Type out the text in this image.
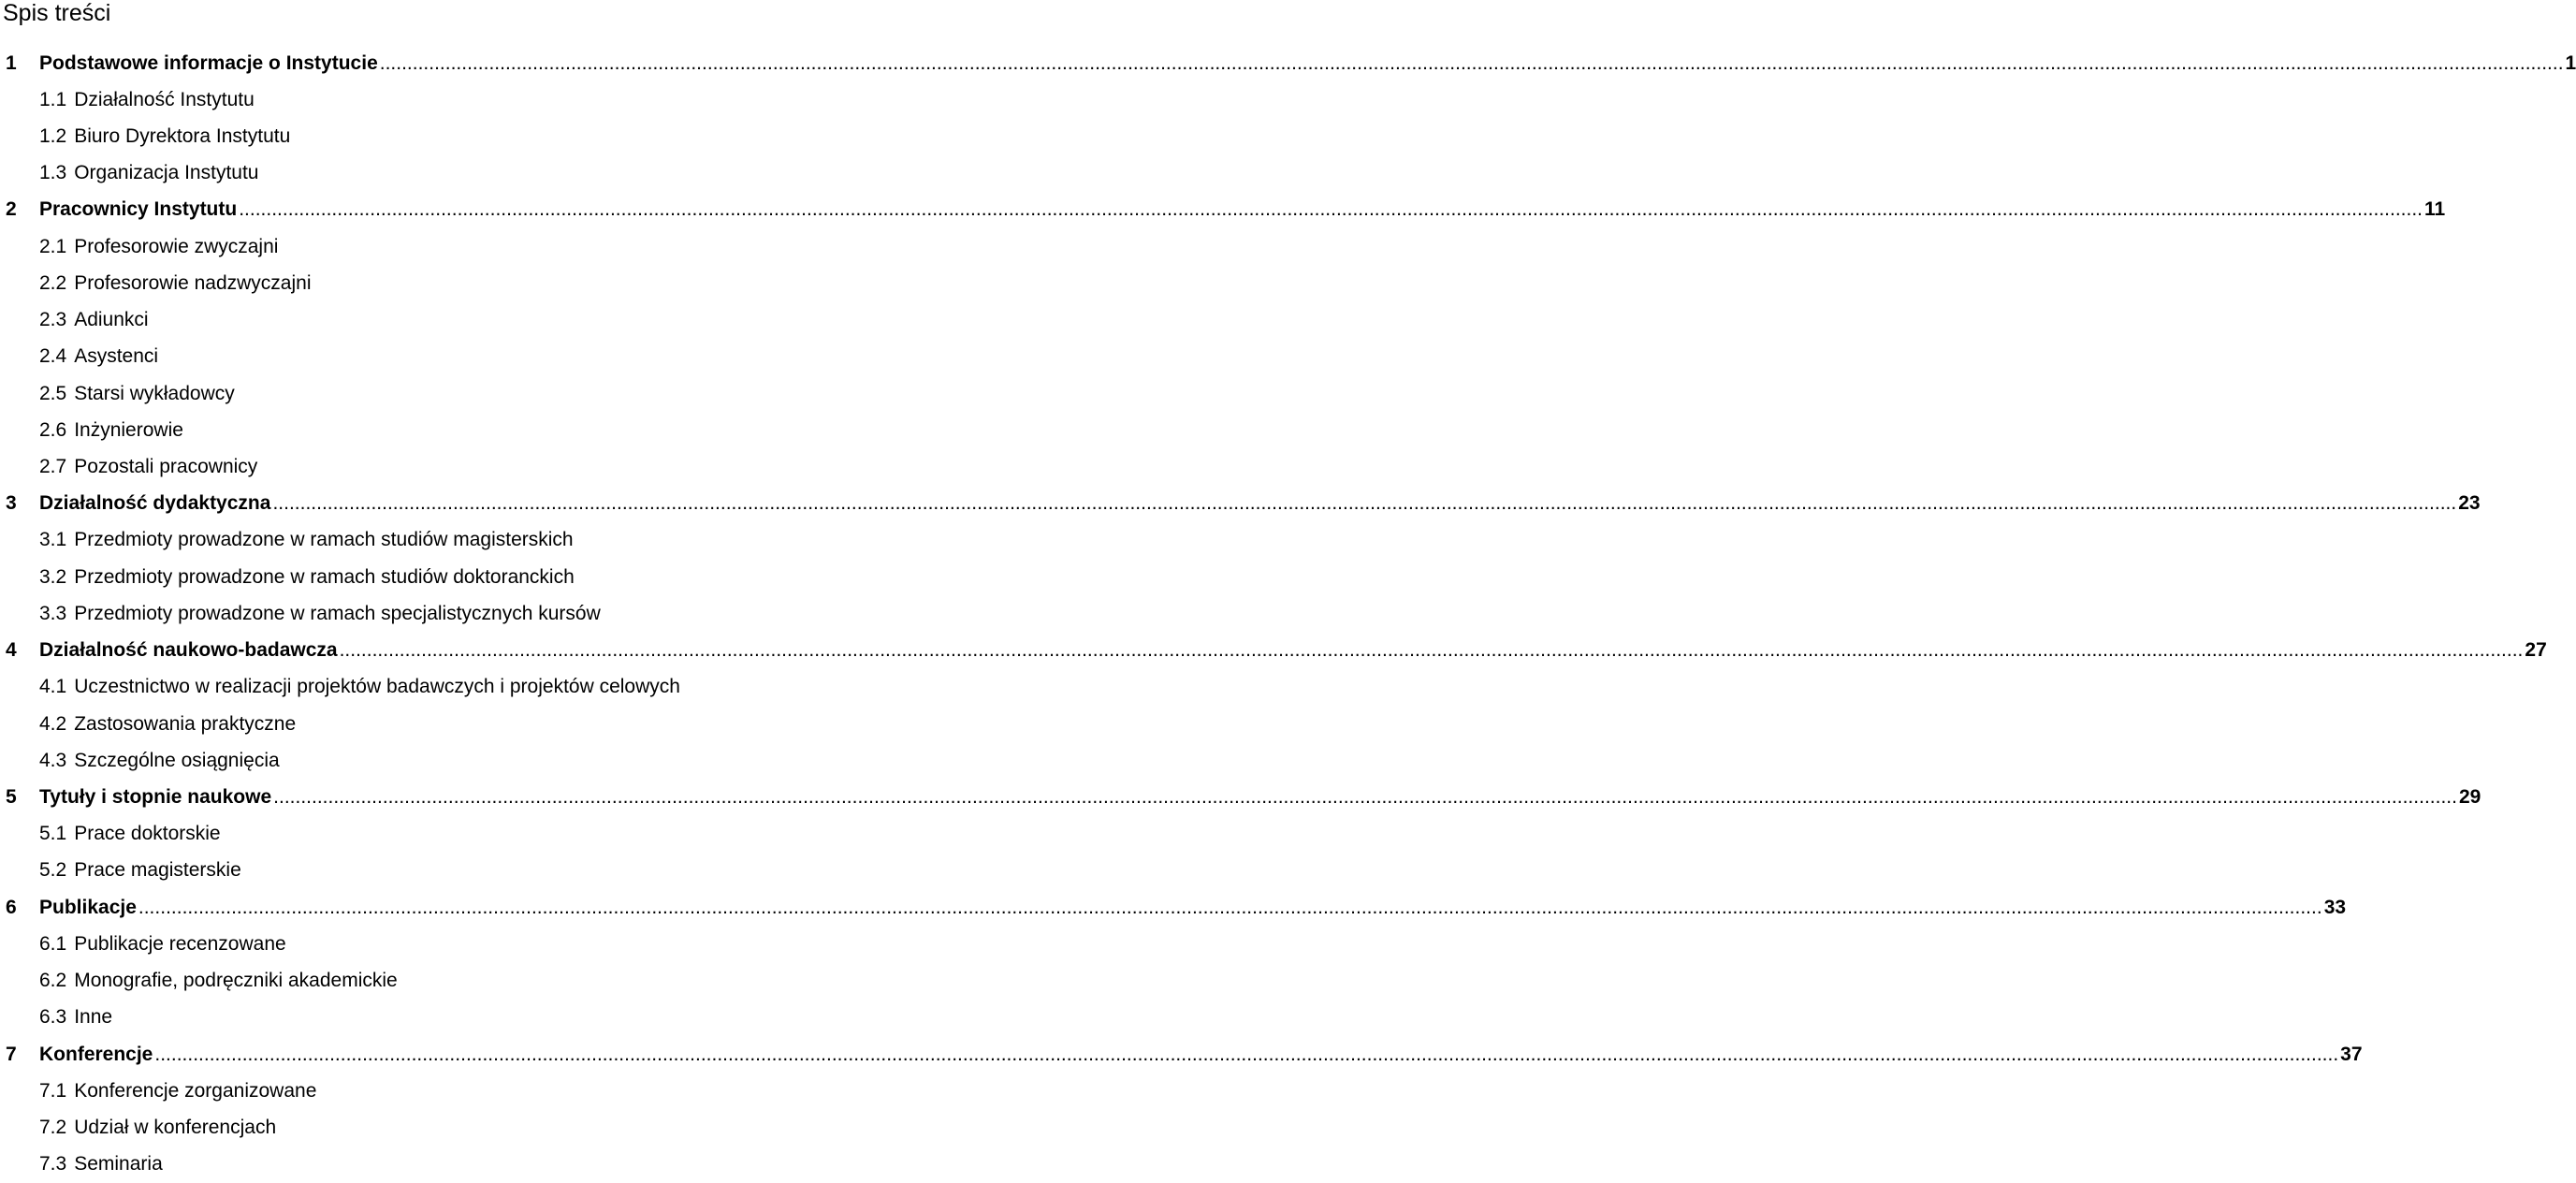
Spis treści
1 Podstawowe informacje o Instytucie ................................................................................................................................................................................................................................................................................................................................................................................................................ 1
1.1 Działalność Instytutu
1.2 Biuro Dyrektora Instytutu
1.3 Organizacja Instytutu
2 Pracownicy Instytutu ................................................................................................................................................................................................................................................................................................................................................................................................................ 11
2.1 Profesorowie zwyczajni
2.2 Profesorowie nadzwyczajni
2.3 Adiunkci
2.4 Asystenci
2.5 Starsi wykładowcy
2.6 Inżynierowie
2.7 Pozostali pracownicy
3 Działalność dydaktyczna ................................................................................................................................................................................................................................................................................................................................................................................................................ 23
3.1 Przedmioty prowadzone w ramach studiów magisterskich
3.2 Przedmioty prowadzone w ramach studiów doktoranckich
3.3 Przedmioty prowadzone w ramach specjalistycznych kursów
4 Działalność naukowo-badawcza ................................................................................................................................................................................................................................................................................................................................................................................................................ 27
4.1 Uczestnictwo w realizacji projektów badawczych i projektów celowych
4.2 Zastosowania praktyczne
4.3 Szczególne osiągnięcia
5 Tytuły i stopnie naukowe ................................................................................................................................................................................................................................................................................................................................................................................................................ 29
5.1 Prace doktorskie
5.2 Prace magisterskie
6 Publikacje ................................................................................................................................................................................................................................................................................................................................................................................................................ 33
6.1 Publikacje recenzowane
6.2 Monografie, podręczniki akademickie
6.3 Inne
7 Konferencje ................................................................................................................................................................................................................................................................................................................................................................................................................ 37
7.1 Konferencje zorganizowane
7.2 Udział w konferencjach
7.3 Seminaria
